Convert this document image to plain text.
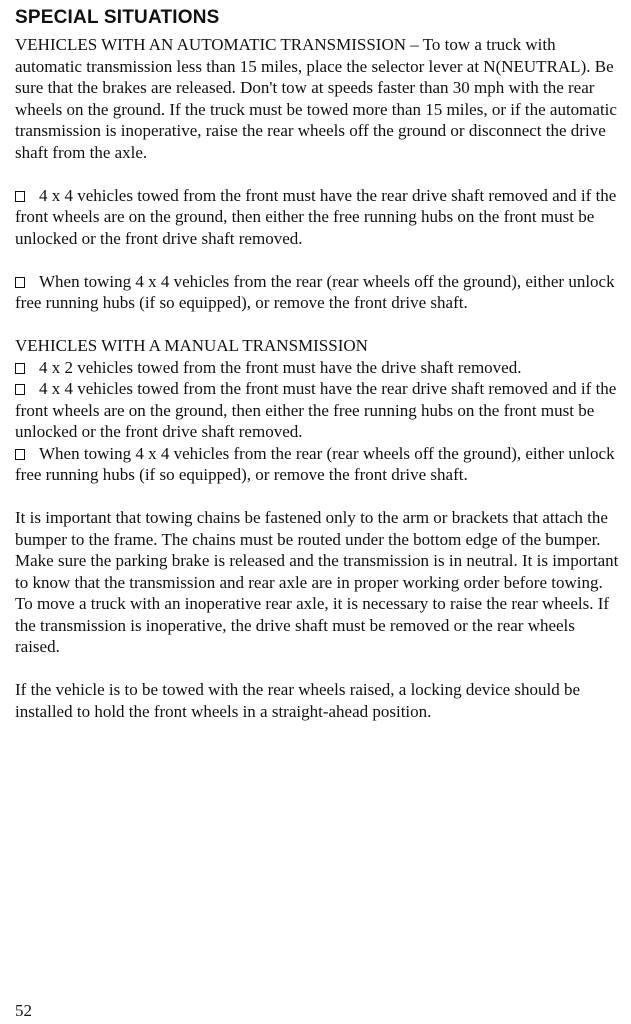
SPECIAL SITUATIONS

VEHICLES WITH AN AUTOMATIC TRANSMISSION – To tow a truck with automatic transmission less than 15 miles, place the selector lever at N(NEUTRAL). Be sure that the brakes are released. Don't tow at speeds faster than 30 mph with the rear wheels on the ground. If the truck must be towed more than 15 miles, or if the automatic transmission is inoperative, raise the rear wheels off the ground or disconnect the drive shaft from the axle.

4 x 4 vehicles towed from the front must have the rear drive shaft removed and if the front wheels are on the ground, then either the free running hubs on the front must be unlocked or the front drive shaft removed.

When towing 4 x 4 vehicles from the rear (rear wheels off the ground), either unlock free running hubs (if so equipped), or remove the front drive shaft.

VEHICLES WITH A MANUAL TRANSMISSION

4 x 2 vehicles towed from the front must have the drive shaft removed.

4 x 4 vehicles towed from the front must have the rear drive shaft removed and if the front wheels are on the ground, then either the free running hubs on the front must be unlocked or the front drive shaft removed.

When towing 4 x 4 vehicles from the rear (rear wheels off the ground), either unlock free running hubs (if so equipped), or remove the front drive shaft.

It is important that towing chains be fastened only to the arm or brackets that attach the bumper to the frame. The chains must be routed under the bottom edge of the bumper. Make sure the parking brake is released and the transmission is in neutral. It is important to know that the transmission and rear axle are in proper working order before towing. To move a truck with an inoperative rear axle, it is necessary to raise the rear wheels. If the transmission is inoperative, the drive shaft must be removed or the rear wheels raised.

If the vehicle is to be towed with the rear wheels raised, a locking device should be installed to hold the front wheels in a straight-ahead position.

52
